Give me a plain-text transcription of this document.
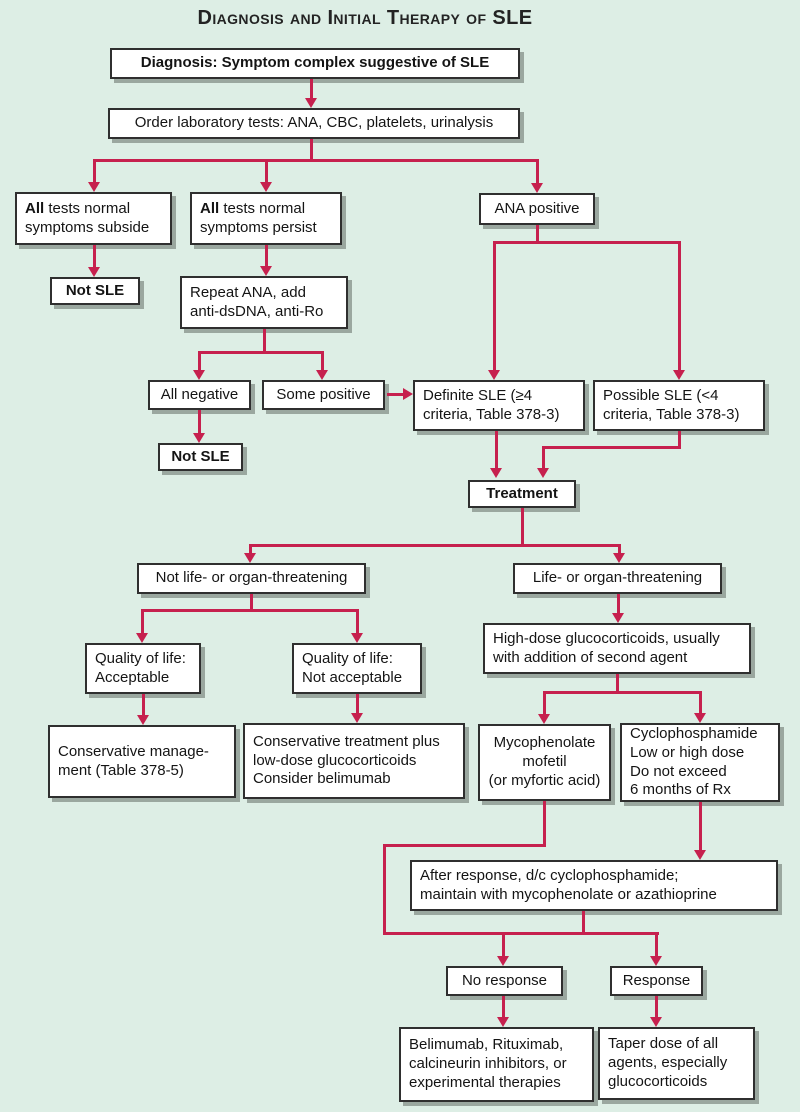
Diagnosis and Initial Therapy of SLE
Diagnosis: Symptom complex suggestive of SLE
Order laboratory tests: ANA, CBC, platelets, urinalysis
All tests normal
symptoms subside
All tests normal
symptoms persist
ANA positive
Not SLE	Repeat ANA, add
anti-dsDNA, anti-Ro
All negative	Some positive
Not SLE
Definite SLE (≥4
criteria, Table 378-3)
Possible SLE (<4
criteria, Table 378-3)
Treatment
Not life- or organ-threatening	Life- or organ-threatening
Quality of life:
Acceptable
Quality of life:
Not acceptable
Conservative manage-
ment (Table 378-5)
Conservative treatment plus
low-dose glucocorticoids
Consider belimumab
High-dose glucocorticoids, usually
with addition of second agent
Mycophenolate
mofetil
(or myfortic acid)
Cyclophosphamide
Low or high dose
Do not exceed
6 months of Rx
After response, d/c cyclophosphamide;
maintain with mycophenolate or azathioprine
No response	Response
Belimumab, Rituximab,
calcineurin inhibitors, or
experimental therapies
Taper dose of all
agents, especially
glucocorticoids
